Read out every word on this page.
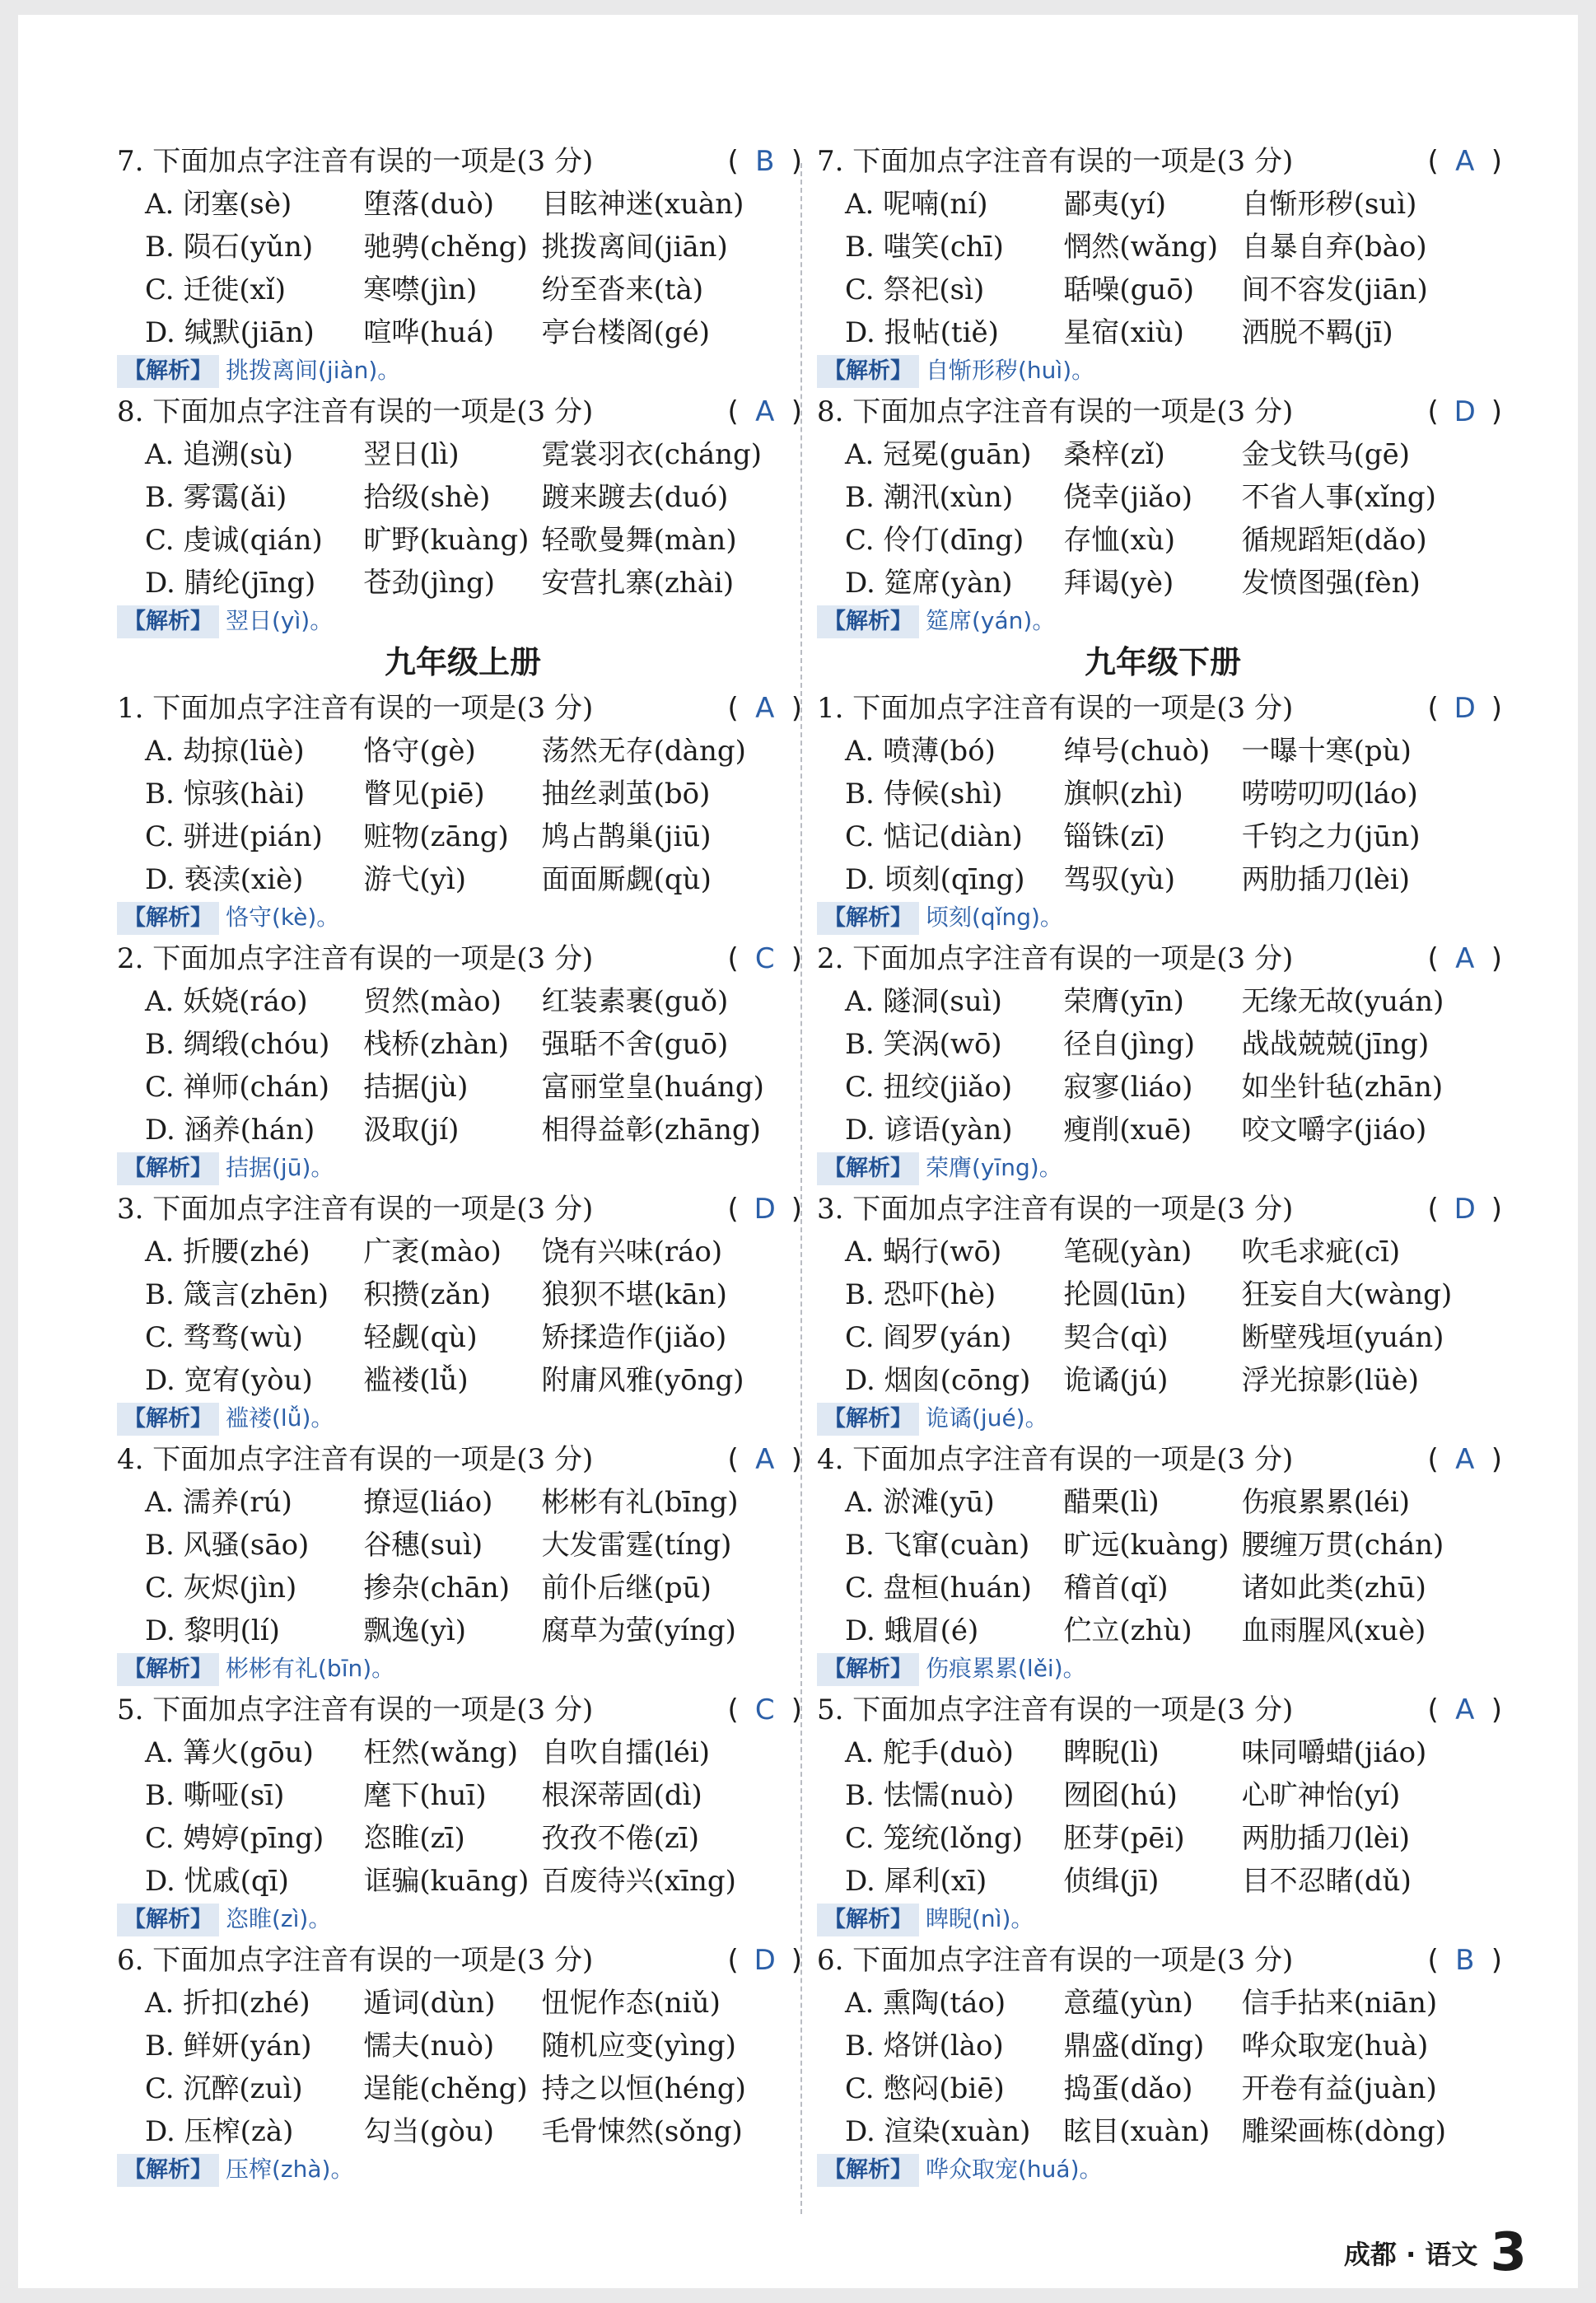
7. 下面加点字注音有误的一项是(3 分)	( B )
A. 闭塞(sè)	堕落(duò)	目眩神迷(xuàn)
B. 陨石(yǔn)	驰骋(chěng) 挑拨离间(jiān)
C. 迁徙(xǐ)	寒噤(jìn)	纷至沓来(tà)
D. 缄默(jiān)	喧哗(huá)	亭台楼阁(gé)
【解析】 挑拨离间(jiàn)。
8. 下面加点字注音有误的一项是(3 分)	( A )
A. 追溯(sù)	翌日(lì)	霓裳羽衣(cháng)
B. 雾霭(ǎi)	拾级(shè)	踱来踱去(duó)
C. 虔诚(qián)	旷野(kuàng) 轻歌曼舞(màn)
D. 腈纶(jīng)	苍劲(jìng)	安营扎寨(zhài)
【解析】 翌日(yì)。
九年级上册
1. 下面加点字注音有误的一项是(3 分)	( A )
A. 劫掠(lüè)	恪守(gè)	荡然无存(dàng)
B. 惊骇(hài)	瞥见(piē)	抽丝剥茧(bō)
C. 骈进(pián)	赃物(zāng)	鸠占鹊巢(jiū)
D. 亵渎(xiè)	游弋(yì)	面面厮觑(qù)
【解析】 恪守(kè)。
2. 下面加点字注音有误的一项是(3 分)	( C )
A. 妖娆(ráo)	贸然(mào)	红装素裹(guǒ)
B. 绸缎(chóu)	栈桥(zhàn)	强聒不舍(guō)
C. 禅师(chán)	拮据(jù)	富丽堂皇(huáng)
D. 涵养(hán)	汲取(jí)	相得益彰(zhāng)
【解析】 拮据(jū)。
3. 下面加点字注音有误的一项是(3 分)	( D )
A. 折腰(zhé)	广袤(mào)	饶有兴味(ráo)
B. 箴言(zhēn)	积攒(zǎn)	狼狈不堪(kān)
C. 骛骛(wù)	轻觑(qù)	矫揉造作(jiǎo)
D. 宽宥(yòu)	褴褛(lǚ)	附庸风雅(yōng)
【解析】 褴褛(lǚ)。
4. 下面加点字注音有误的一项是(3 分)	( A )
A. 濡养(rú)	撩逗(liáo)	彬彬有礼(bīng)
B. 风骚(sāo)	谷穗(suì)	大发雷霆(tíng)
C. 灰烬(jìn)	掺杂(chān)	前仆后继(pū)
D. 黎明(lí)	飘逸(yì)	腐草为萤(yíng)
【解析】 彬彬有礼(bīn)。
5. 下面加点字注音有误的一项是(3 分)	( C )
A. 篝火(gōu)	枉然(wǎng) 自吹自擂(léi)
B. 嘶哑(sī)	麾下(huī)	根深蒂固(dì)
C. 娉婷(pīng)	恣睢(zī)	孜孜不倦(zī)
D. 忧戚(qī)	诓骗(kuāng) 百废待兴(xīng)
【解析】 恣睢(zì)。
6. 下面加点字注音有误的一项是(3 分)	( D )
A. 折扣(zhé)	遁词(dùn)	忸怩作态(niǔ)
B. 鲜妍(yán)	懦夫(nuò)	随机应变(yìng)
C. 沉醉(zuì)	逞能(chěng) 持之以恒(héng)
D. 压榨(zà)	勾当(gòu)	毛骨悚然(sǒng)
【解析】 压榨(zhà)。
7. 下面加点字注音有误的一项是(3 分)	( A )
A. 呢喃(ní)	鄙夷(yí)	自惭形秽(suì)
B. 嗤笑(chī)	惘然(wǎng) 自暴自弃(bào)
C. 祭祀(sì)	聒噪(guō)	间不容发(jiān)
D. 报帖(tiě)	星宿(xiù)	洒脱不羁(jī)
【解析】 自惭形秽(huì)。
8. 下面加点字注音有误的一项是(3 分)	( D )
A. 冠冕(guān)	桑梓(zǐ)	金戈铁马(gē)
B. 潮汛(xùn)	侥幸(jiǎo)	不省人事(xǐng)
C. 伶仃(dīng)	存恤(xù)	循规蹈矩(dǎo)
D. 筵席(yàn)	拜谒(yè)	发愤图强(fèn)
【解析】 筵席(yán)。
九年级下册
1. 下面加点字注音有误的一项是(3 分)	( D )
A. 喷薄(bó)	绰号(chuò)	一曝十寒(pù)
B. 侍候(shì)	旗帜(zhì)	唠唠叨叨(láo)
C. 惦记(diàn)	锱铢(zī)	千钧之力(jūn)
D. 顷刻(qīng)	驾驭(yù)	两肋插刀(lèi)
【解析】 顷刻(qǐng)。
2. 下面加点字注音有误的一项是(3 分)	( A )
A. 隧洞(suì)	荣膺(yīn)	无缘无故(yuán)
B. 笑涡(wō)	径自(jìng)	战战兢兢(jīng)
C. 扭绞(jiǎo)	寂寥(liáo)	如坐针毡(zhān)
D. 谚语(yàn)	瘦削(xuē)	咬文嚼字(jiáo)
【解析】 荣膺(yīng)。
3. 下面加点字注音有误的一项是(3 分)	( D )
A. 蜗行(wō)	笔砚(yàn)	吹毛求疵(cī)
B. 恐吓(hè)	抡圆(lūn)	狂妄自大(wàng)
C. 阎罗(yán)	契合(qì)	断壁残垣(yuán)
D. 烟囱(cōng)	诡谲(jú)	浮光掠影(lüè)
【解析】 诡谲(jué)。
4. 下面加点字注音有误的一项是(3 分)	( A )
A. 淤滩(yū)	醋栗(lì)	伤痕累累(léi)
B. 飞窜(cuàn)	旷远(kuàng) 腰缠万贯(chán)
C. 盘桓(huán)	稽首(qǐ)	诸如此类(zhū)
D. 蛾眉(é)	伫立(zhù)	血雨腥风(xuè)
【解析】 伤痕累累(lěi)。
5. 下面加点字注音有误的一项是(3 分)	( A )
A. 舵手(duò)	睥睨(lì)	味同嚼蜡(jiáo)
B. 怯懦(nuò)	囫囵(hú)	心旷神怡(yí)
C. 笼统(lǒng)	胚芽(pēi)	两肋插刀(lèi)
D. 犀利(xī)	侦缉(jī)	目不忍睹(dǔ)
【解析】 睥睨(nì)。
6. 下面加点字注音有误的一项是(3 分)	( B )
A. 熏陶(táo)	意蕴(yùn)	信手拈来(niān)
B. 烙饼(lào)	鼎盛(dǐng)	哗众取宠(huà)
C. 憋闷(biē)	捣蛋(dǎo)	开卷有益(juàn)
D. 渲染(xuàn)	眩目(xuàn)	雕梁画栋(dòng)
【解析】 哗众取宠(huá)。
成都 · 语文 3
